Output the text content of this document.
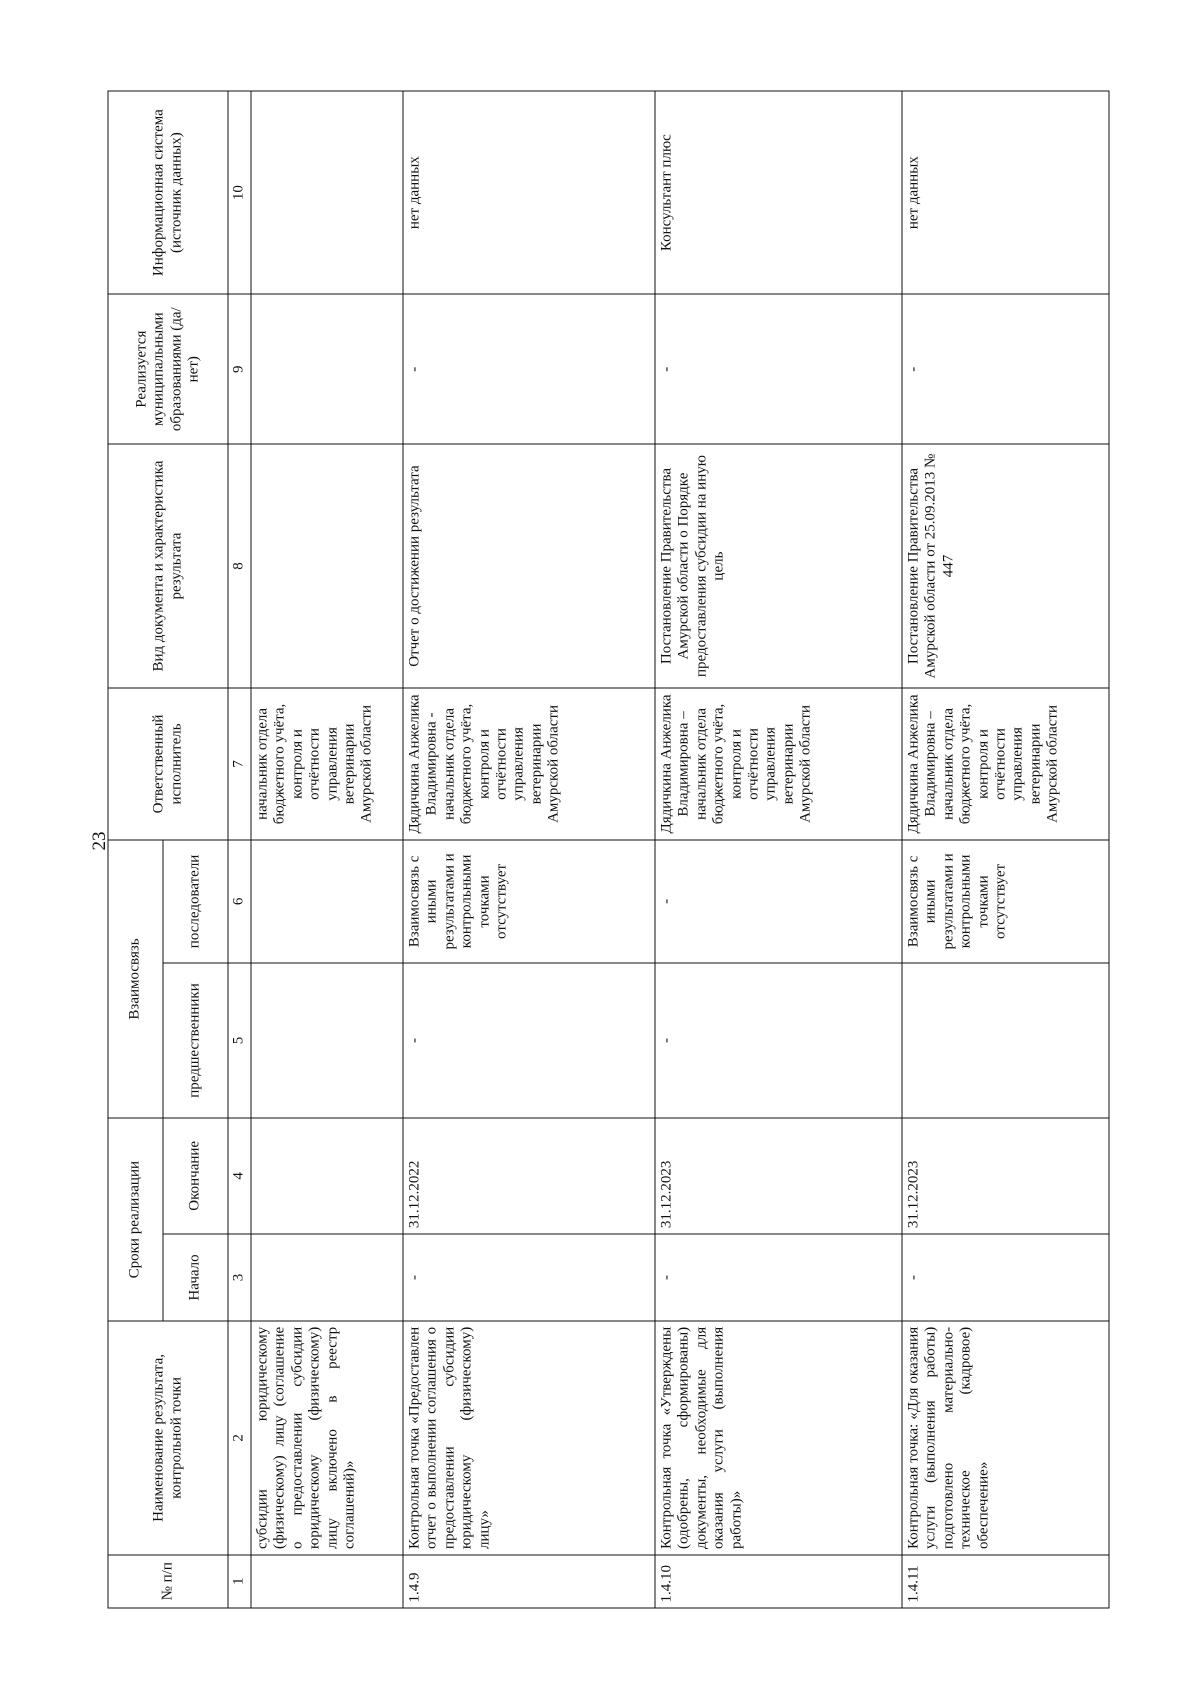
23
№ п/п	Наименование результата, контрольной точки	Сроки реализации		Взаимосвязь		Ответственный исполнитель	Вид документа и характеристика результата	Реализуется муниципальными образованиями (да/нет)	Информационная система (источник данных)
		Начало	Окончание	предшественники	последователи				
1	2	3	4	5	6	7	8	9	10
	субсидии юридическому (физическому) лицу (соглашение о предоставлении субсидии юридическому (физическому) лицу включено в реестр соглашений)»					начальник отдела бюджетного учёта, контроля и отчётности управления ветеринарии Амурской области			
1.4.9	Контрольная точка «Предоставлен отчет о выполнении соглашения о предоставлении субсидии юридическому (физическому) лицу»	-	31.12.2022	-	Взаимосвязь с иными результатами и контрольными точками отсутствует	Дядичкина Анжелика Владимировна - начальник отдела бюджетного учёта, контроля и отчётности управления ветеринарии Амурской области	Отчет о достижении результата	-	нет данных
1.4.10	Контрольная точка «Утверждены (одобрены, сформированы) документы, необходимые для оказания услуги (выполнения работы)»	-	31.12.2023	-	-	Дядичкина Анжелика Владимировна – начальник отдела бюджетного учёта, контроля и отчётности управления ветеринарии Амурской области	Постановление Правительства Амурской области о Порядке предоставления субсидии на иную цель	-	Консультант плюс
1.4.11	Контрольная точка: «Для оказания услуги (выполнения работы) подготовлено материально-техническое (кадровое) обеспечение»	-	31.12.2023		Взаимосвязь с иными результатами и контрольными точками отсутствует	Дядичкина Анжелика Владимировна – начальник отдела бюджетного учёта, контроля и отчётности управления ветеринарии Амурской области	Постановление Правительства Амурской области от 25.09.2013 № 447	-	нет данных
